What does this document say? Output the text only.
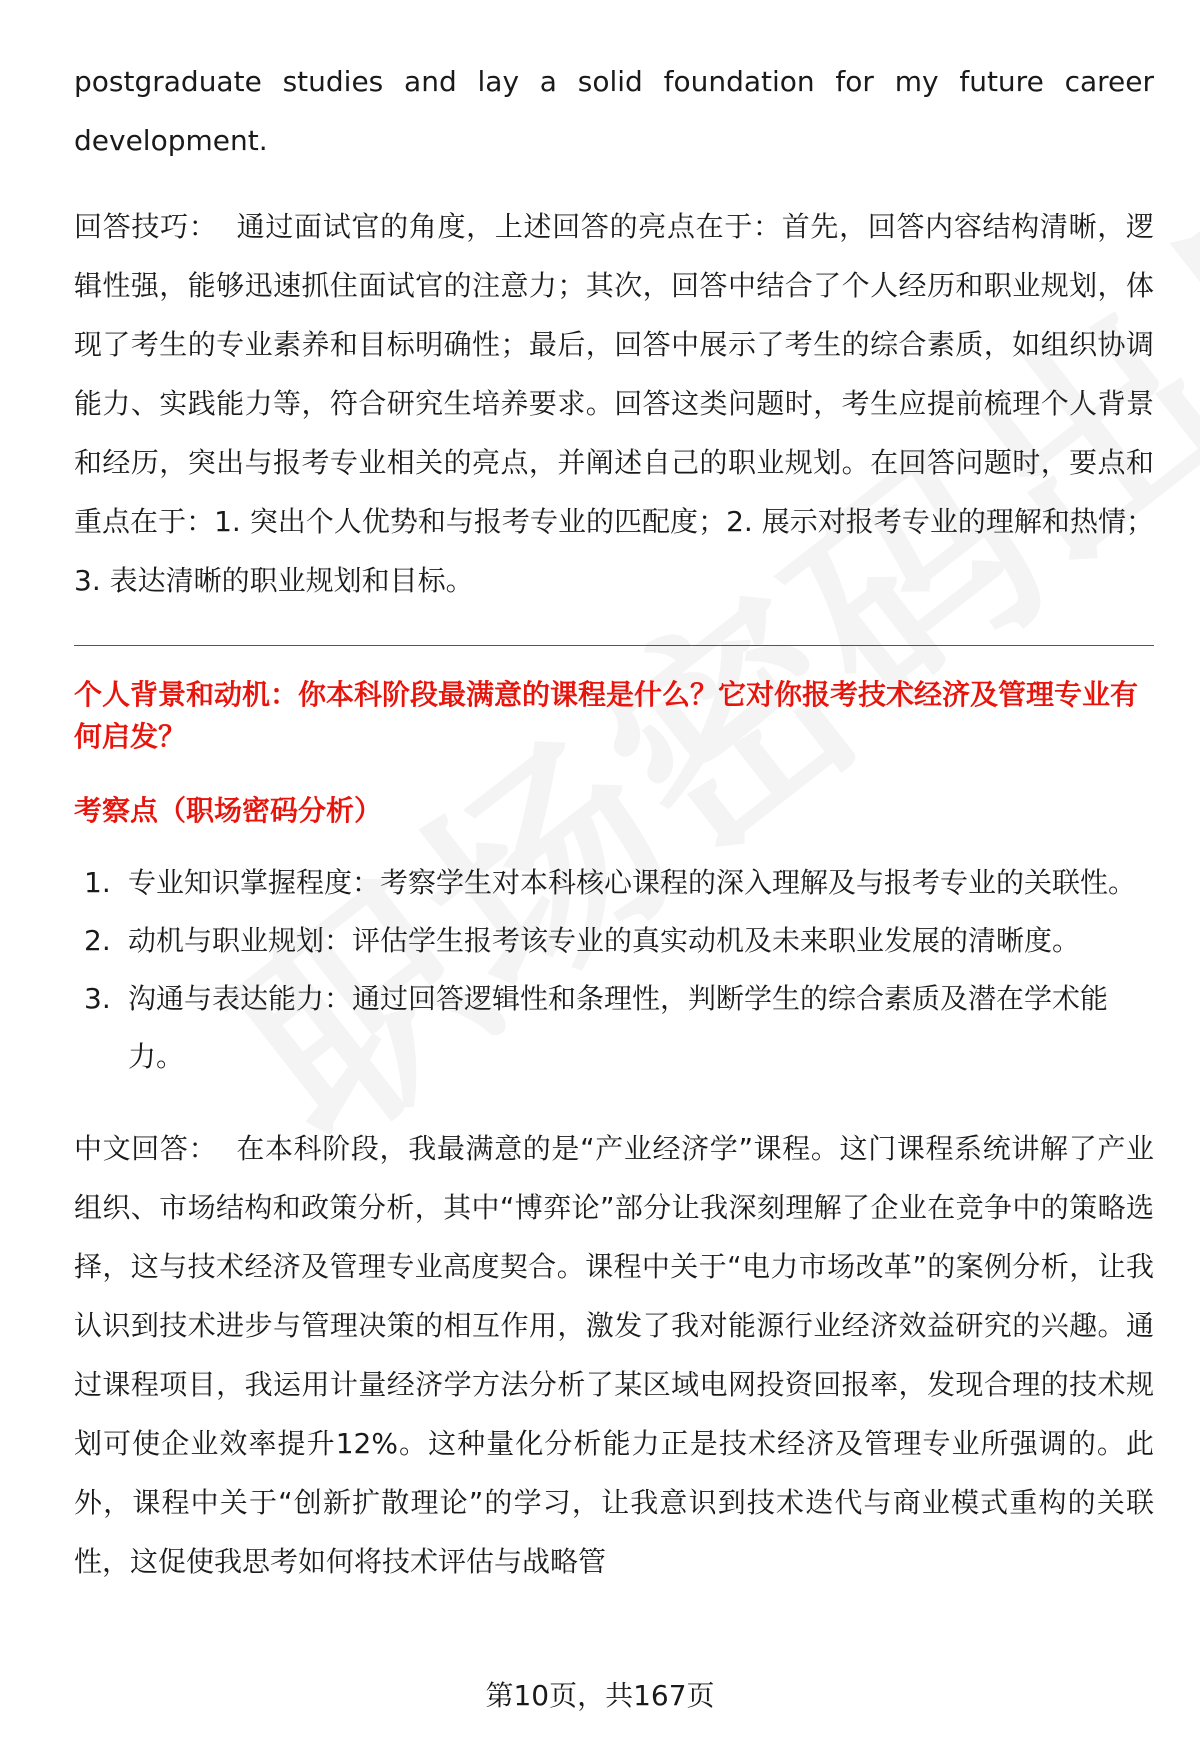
postgraduate studies and lay a solid foundation for my future career development.

回答技巧： 通过面试官的角度，上述回答的亮点在于：首先，回答内容结构清晰，逻辑性强，能够迅速抓住面试官的注意力；其次，回答中结合了个人经历和职业规划，体现了考生的专业素养和目标明确性；最后，回答中展示了考生的综合素质，如组织协调能力、实践能力等，符合研究生培养要求。回答这类问题时，考生应提前梳理个人背景和经历，突出与报考专业相关的亮点，并阐述自己的职业规划。在回答问题时，要点和重点在于：1. 突出个人优势和与报考专业的匹配度；2. 展示对报考专业的理解和热情；3. 表达清晰的职业规划和目标。

个人背景和动机：你本科阶段最满意的课程是什么？它对你报考技术经济及管理专业有何启发？

考察点（职场密码分析）

1. 专业知识掌握程度：考察学生对本科核心课程的深入理解及与报考专业的关联性。
2. 动机与职业规划：评估学生报考该专业的真实动机及未来职业发展的清晰度。
3. 沟通与表达能力：通过回答逻辑性和条理性，判断学生的综合素质及潜在学术能力。

中文回答： 在本科阶段，我最满意的是“产业经济学”课程。这门课程系统讲解了产业组织、市场结构和政策分析，其中“博弈论”部分让我深刻理解了企业在竞争中的策略选择，这与技术经济及管理专业高度契合。课程中关于“电力市场改革”的案例分析，让我认识到技术进步与管理决策的相互作用，激发了我对能源行业经济效益研究的兴趣。通过课程项目，我运用计量经济学方法分析了某区域电网投资回报率，发现合理的技术规划可使企业效率提升12%。这种量化分析能力正是技术经济及管理专业所强调的。此外，课程中关于“创新扩散理论”的学习，让我意识到技术迭代与商业模式重构的关联性，这促使我思考如何将技术评估与战略管

第10页，共167页
